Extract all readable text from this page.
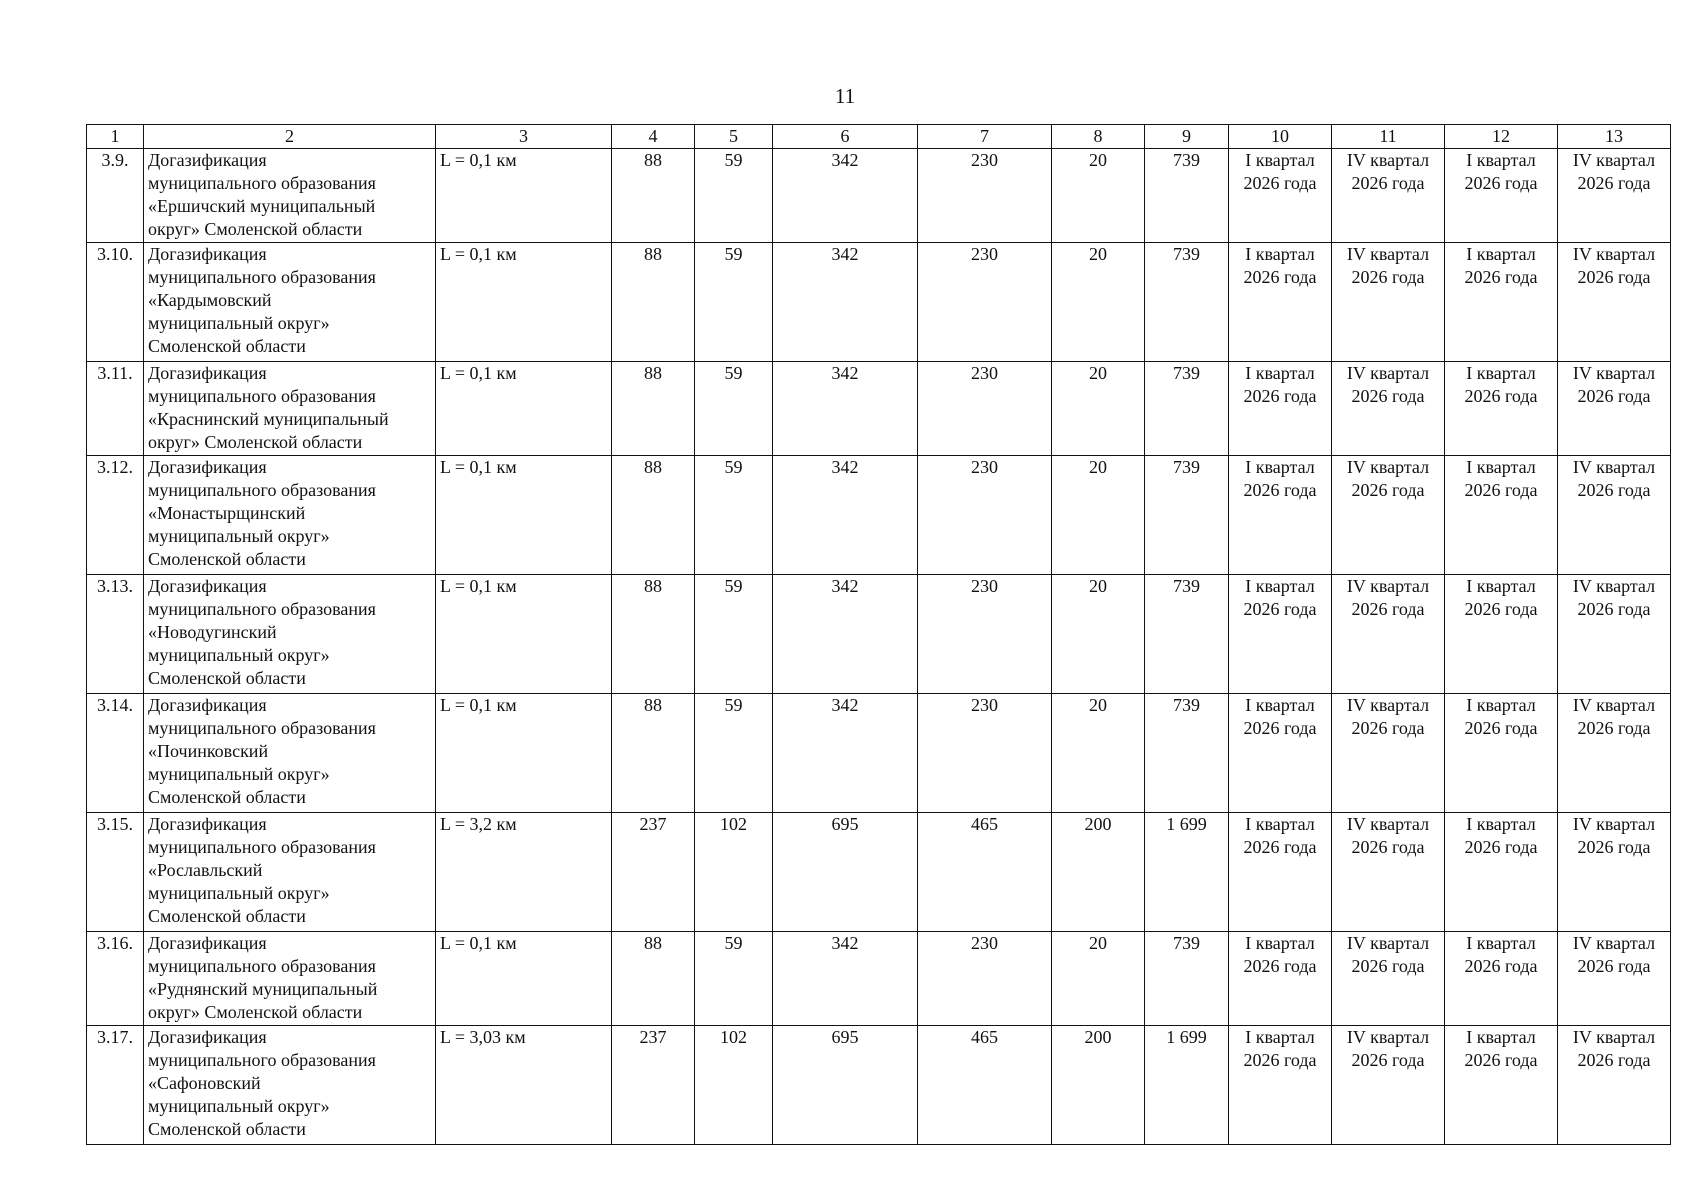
11
1	2	3	4	5	6	7	8	9	10	11	12	13
3.9.	Догазификация
муниципального образования
«Ершичский муниципальный
округ» Смоленской области	L = 0,1 км	88	59	342	230	20	739	I квартал
2026 года	IV квартал
2026 года	I квартал
2026 года	IV квартал
2026 года

3.10.	Догазификация
муниципального образования
«Кардымовский
муниципальный округ»
Смоленской области	L = 0,1 км	88	59	342	230	20	739	I квартал
2026 года	IV квартал
2026 года	I квартал
2026 года	IV квартал
2026 года

3.11.	Догазификация
муниципального образования
«Краснинский муниципальный
округ» Смоленской области	L = 0,1 км	88	59	342	230	20	739	I квартал
2026 года	IV квартал
2026 года	I квартал
2026 года	IV квартал
2026 года

3.12.	Догазификация
муниципального образования
«Монастырщинский
муниципальный округ»
Смоленской области	L = 0,1 км	88	59	342	230	20	739	I квартал
2026 года	IV квартал
2026 года	I квартал
2026 года	IV квартал
2026 года

3.13.	Догазификация
муниципального образования
«Новодугинский
муниципальный округ»
Смоленской области	L = 0,1 км	88	59	342	230	20	739	I квартал
2026 года	IV квартал
2026 года	I квартал
2026 года	IV квартал
2026 года

3.14.	Догазификация
муниципального образования
«Починковский
муниципальный округ»
Смоленской области	L = 0,1 км	88	59	342	230	20	739	I квартал
2026 года	IV квартал
2026 года	I квартал
2026 года	IV квартал
2026 года

3.15.	Догазификация
муниципального образования
«Рославльский
муниципальный округ»
Смоленской области	L = 3,2 км	237	102	695	465	200	1 699	I квартал
2026 года	IV квартал
2026 года	I квартал
2026 года	IV квартал
2026 года

3.16.	Догазификация
муниципального образования
«Руднянский муниципальный
округ» Смоленской области	L = 0,1 км	88	59	342	230	20	739	I квартал
2026 года	IV квартал
2026 года	I квартал
2026 года	IV квартал
2026 года

3.17.	Догазификация
муниципального образования
«Сафоновский
муниципальный округ»
Смоленской области	L = 3,03 км	237	102	695	465	200	1 699	I квартал
2026 года	IV квартал
2026 года	I квартал
2026 года	IV квартал
2026 года
